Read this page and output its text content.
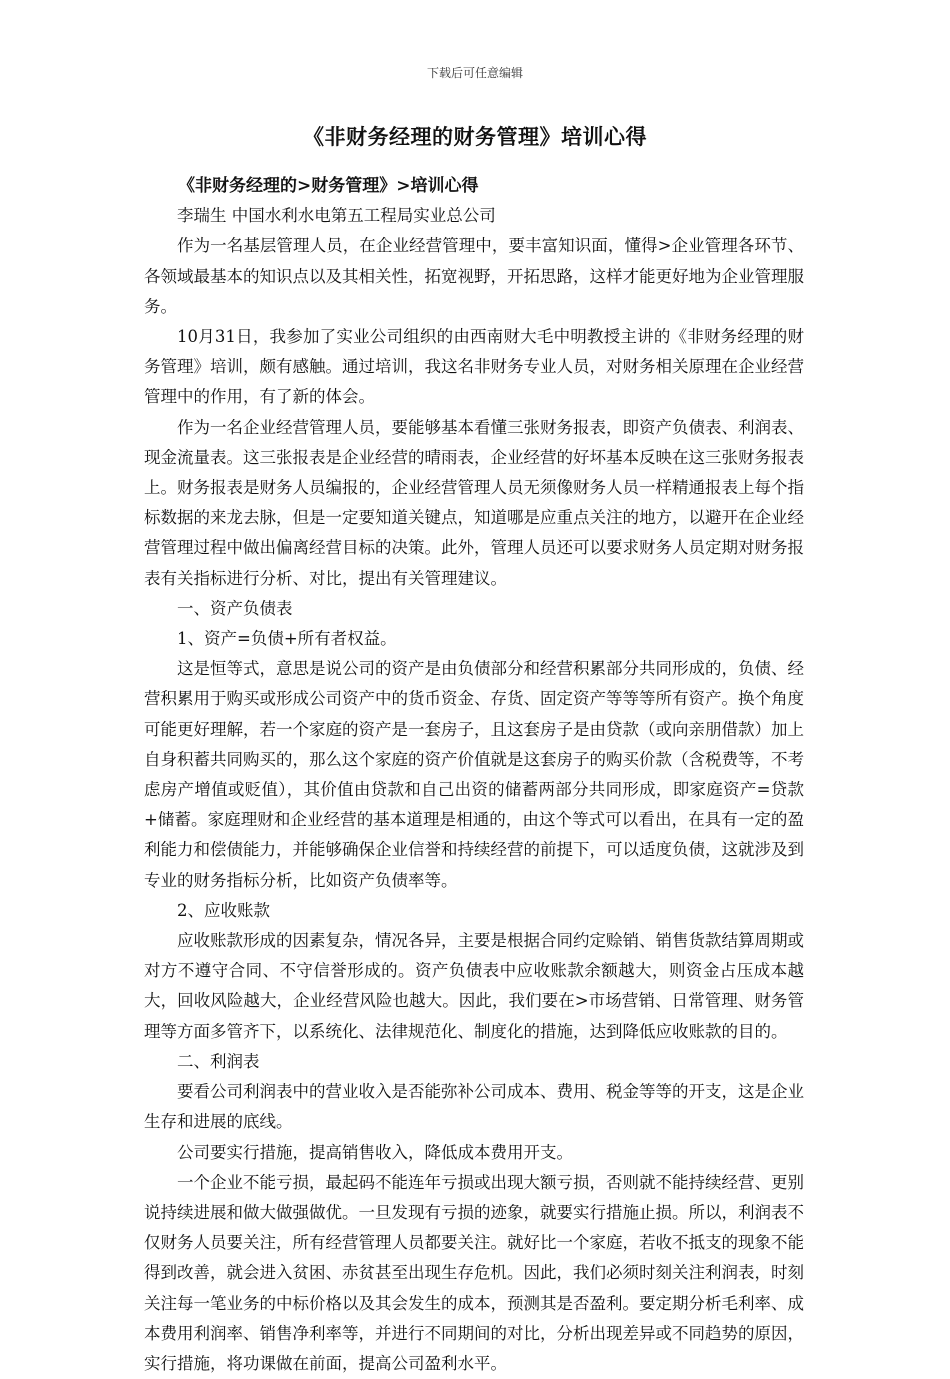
下载后可任意编辑
《非财务经理的财务管理》培训心得

《非财务经理的>财务管理》>培训心得

李瑞生 中国水利水电第五工程局实业总公司

作为一名基层管理人员，在企业经营管理中，要丰富知识面，懂得>企业管理各环节、各领域最基本的知识点以及其相关性，拓宽视野，开拓思路，这样才能更好地为企业管理服务。

10月31日，我参加了实业公司组织的由西南财大毛中明教授主讲的《非财务经理的财务管理》培训，颇有感触。通过培训，我这名非财务专业人员，对财务相关原理在企业经营管理中的作用，有了新的体会。

作为一名企业经营管理人员，要能够基本看懂三张财务报表，即资产负债表、利润表、现金流量表。这三张报表是企业经营的晴雨表，企业经营的好坏基本反映在这三张财务报表上。财务报表是财务人员编报的，企业经营管理人员无须像财务人员一样精通报表上每个指标数据的来龙去脉，但是一定要知道关键点，知道哪是应重点关注的地方，以避开在企业经营管理过程中做出偏离经营目标的决策。此外，管理人员还可以要求财务人员定期对财务报表有关指标进行分析、对比，提出有关管理建议。

一、资产负债表

1、资产=负债+所有者权益。

这是恒等式，意思是说公司的资产是由负债部分和经营积累部分共同形成的，负债、经营积累用于购买或形成公司资产中的货币资金、存货、固定资产等等等所有资产。换个角度可能更好理解，若一个家庭的资产是一套房子，且这套房子是由贷款（或向亲朋借款）加上自身积蓄共同购买的，那么这个家庭的资产价值就是这套房子的购买价款（含税费等，不考虑房产增值或贬值），其价值由贷款和自己出资的储蓄两部分共同形成，即家庭资产=贷款+储蓄。家庭理财和企业经营的基本道理是相通的，由这个等式可以看出，在具有一定的盈利能力和偿债能力，并能够确保企业信誉和持续经营的前提下，可以适度负债，这就涉及到专业的财务指标分析，比如资产负债率等。

2、应收账款

应收账款形成的因素复杂，情况各异，主要是根据合同约定赊销、销售货款结算周期或对方不遵守合同、不守信誉形成的。资产负债表中应收账款余额越大，则资金占压成本越大，回收风险越大，企业经营风险也越大。因此，我们要在>市场营销、日常管理、财务管理等方面多管齐下，以系统化、法律规范化、制度化的措施，达到降低应收账款的目的。

二、利润表

要看公司利润表中的营业收入是否能弥补公司成本、费用、税金等等的开支，这是企业生存和进展的底线。

公司要实行措施，提高销售收入，降低成本费用开支。

一个企业不能亏损，最起码不能连年亏损或出现大额亏损，否则就不能持续经营、更别说持续进展和做大做强做优。一旦发现有亏损的迹象，就要实行措施止损。所以，利润表不仅财务人员要关注，所有经营管理人员都要关注。就好比一个家庭，若收不抵支的现象不能得到改善，就会进入贫困、赤贫甚至出现生存危机。因此，我们必须时刻关注利润表，时刻关注每一笔业务的中标价格以及其会发生的成本，预测其是否盈利。要定期分析毛利率、成本费用利润率、销售净利率等，并进行不同期间的对比，分析出现差异或不同趋势的原因，实行措施，将功课做在前面，提高公司盈利水平。
